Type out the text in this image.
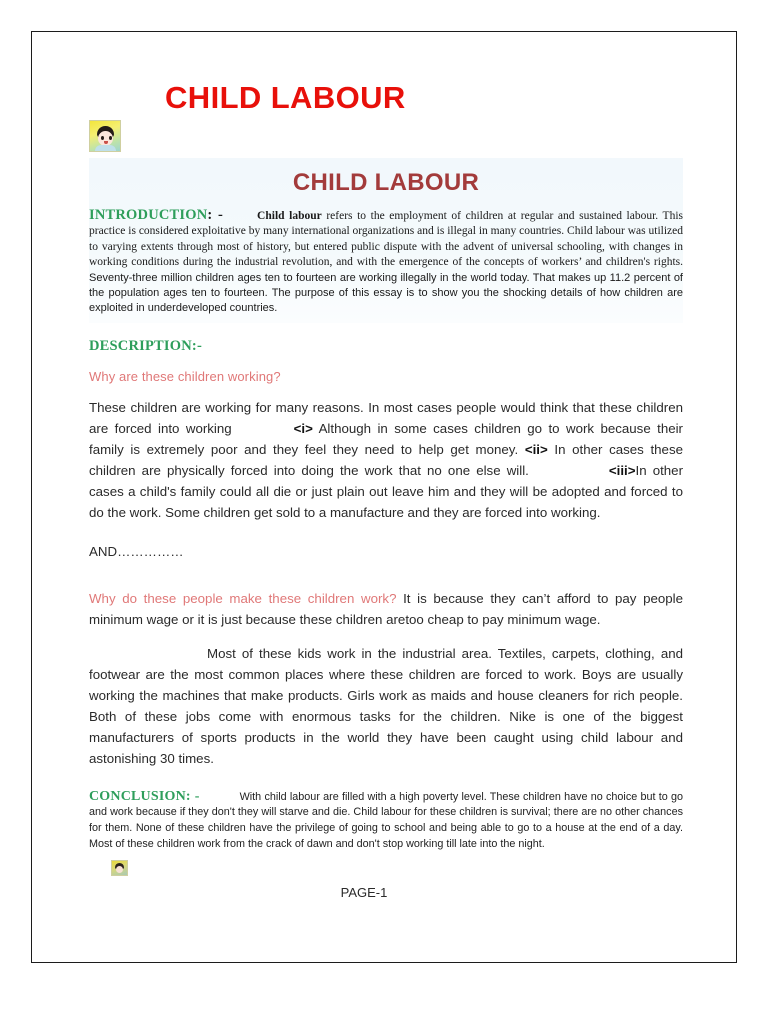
CHILD LABOUR
CHILD LABOUR
INTRODUCTION: -	Child labour refers to the employment of children at regular and sustained labour. This practice is considered exploitative by many international organizations and is illegal in many countries. Child labour was utilized to varying extents through most of history, but entered public dispute with the advent of universal schooling, with changes in working conditions during the industrial revolution, and with the emergence of the concepts of workers’ and children's rights. Seventy-three million children ages ten to fourteen are working illegally in the world today. That makes up 11.2 percent of the population ages ten to fourteen. The purpose of this essay is to show you the shocking details of how children are exploited in underdeveloped countries.
DESCRIPTION:-
Why are these children working?
These children are working for many reasons. In most cases people would think that these children are forced into working	<i> Although in some cases children go to work because their family is extremely poor and they feel they need to help get money. <ii> In other cases these children are physically forced into doing the work that no one else will.	<iii>In other cases a child's family could all die or just plain out leave him and they will be adopted and forced to do the work. Some children get sold to a manufacture and they are forced into working.
AND……………
Why do these people make these children work? It is because they can’t afford to pay people minimum wage or it is just because these children aretoo cheap to pay minimum wage.
Most of these kids work in the industrial area. Textiles, carpets, clothing, and footwear are the most common places where these children are forced to work. Boys are usually working the machines that make products. Girls work as maids and house cleaners for rich people. Both of these jobs come with enormous tasks for the children. Nike is one of the biggest manufacturers of sports products in the world they have been caught using child labour and astonishing 30 times.
CONCLUSION: -	With child labour are filled with a high poverty level. These children have no choice but to go and work because if they don't they will starve and die. Child labour for these children is survival; there are no other chances for them. None of these children have the privilege of going to school and being able to go to a house at the end of a day. Most of these children work from the crack of dawn and don't stop working till late into the night.
PAGE-1
